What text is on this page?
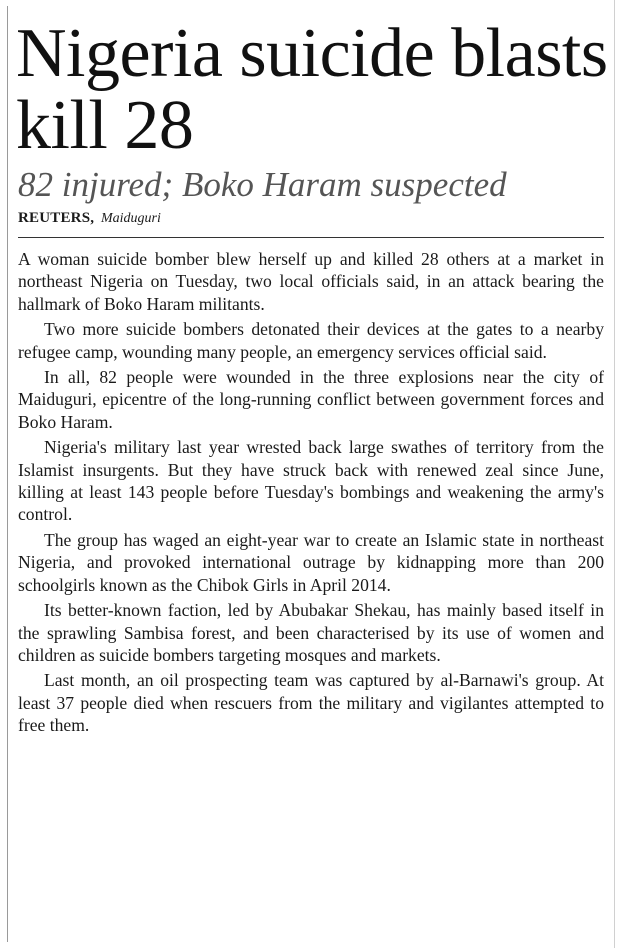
Nigeria suicide blasts kill 28
82 injured; Boko Haram suspected
REUTERS, Maiduguri

A woman suicide bomber blew herself up and killed 28 others at a market in northeast Nigeria on Tuesday, two local officials said, in an attack bearing the hallmark of Boko Haram militants.

Two more suicide bombers detonated their devices at the gates to a nearby refugee camp, wounding many people, an emergency services official said.

In all, 82 people were wounded in the three explosions near the city of Maiduguri, epicentre of the long-running conflict between government forces and Boko Haram.

Nigeria's military last year wrested back large swathes of territory from the Islamist insurgents. But they have struck back with renewed zeal since June, killing at least 143 people before Tuesday's bombings and weakening the army's control.

The group has waged an eight-year war to create an Islamic state in northeast Nigeria, and provoked international outrage by kidnapping more than 200 schoolgirls known as the Chibok Girls in April 2014.

Its better-known faction, led by Abubakar Shekau, has mainly based itself in the sprawling Sambisa forest, and been characterised by its use of women and children as suicide bombers targeting mosques and markets.

Last month, an oil prospecting team was captured by al-Barnawi's group. At least 37 people died when rescuers from the military and vigilantes attempted to free them.
